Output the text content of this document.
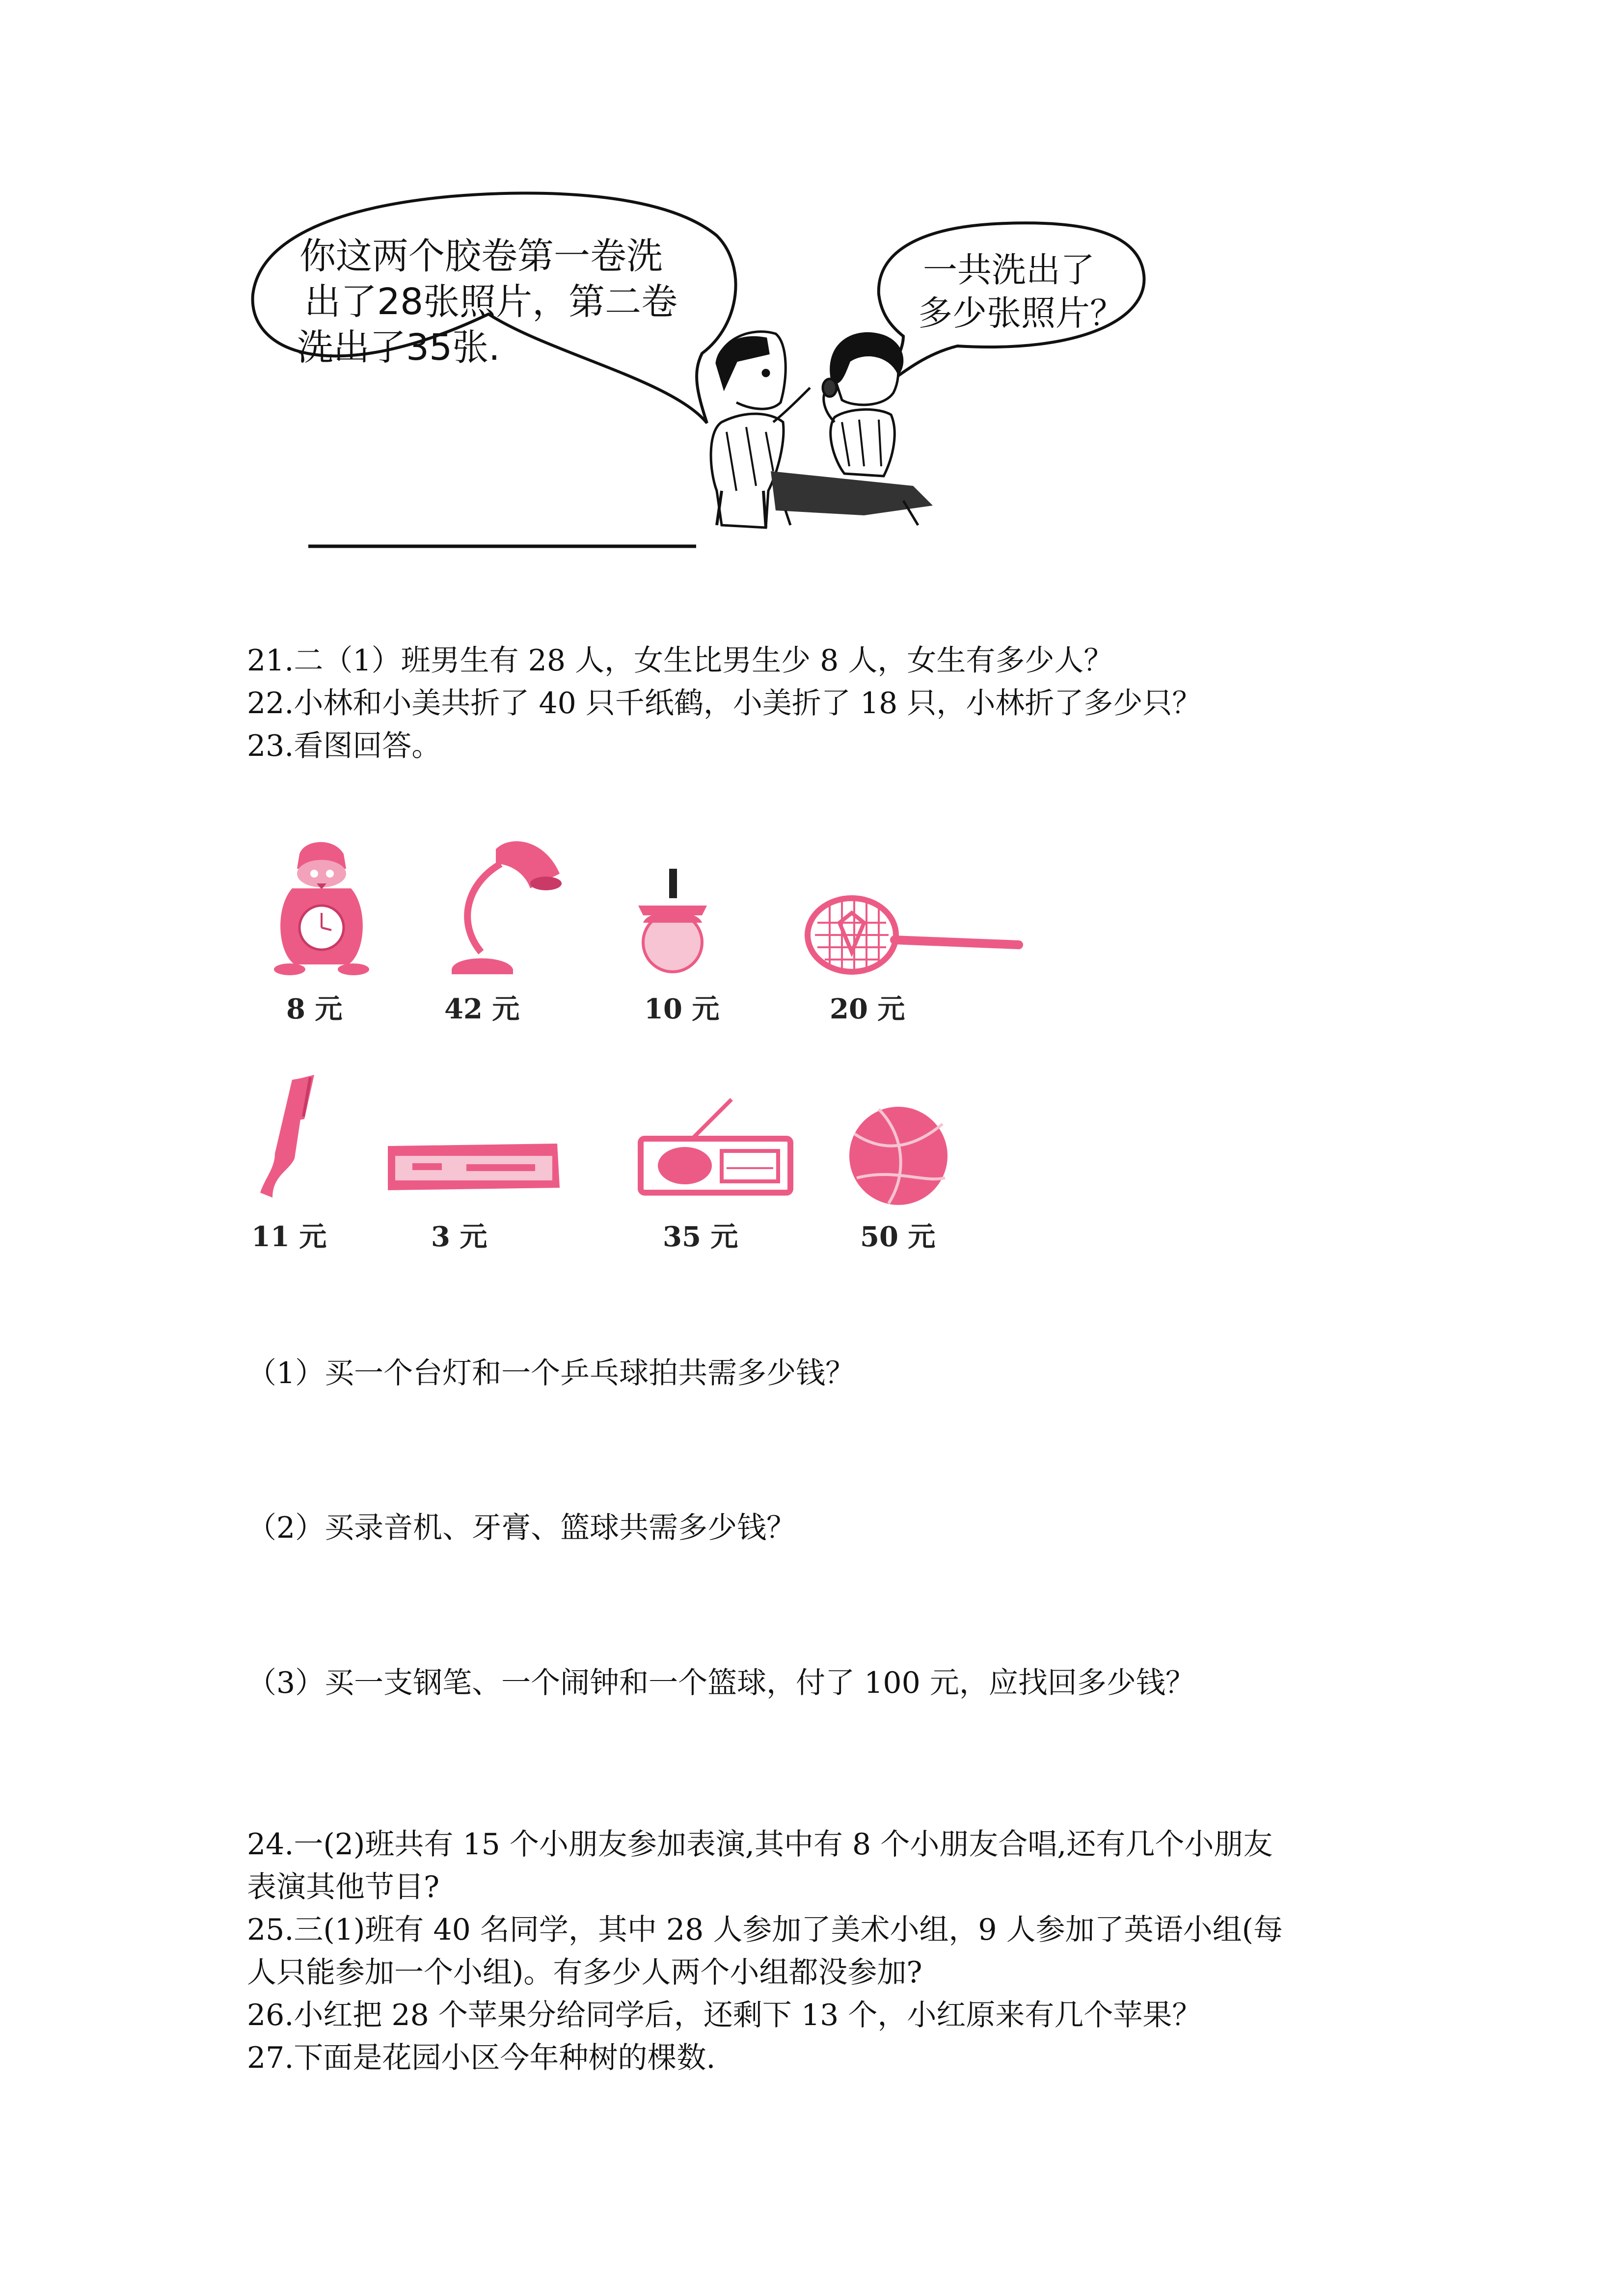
你这两个胶卷第一卷洗
出了28张照片，第二卷
洗出了35张.
一共洗出了
多少张照片？
21.二（1）班男生有 28 人，女生比男生少 8 人，女生有多少人？
22.小林和小美共折了 40 只千纸鹤，小美折了 18 只，小林折了多少只？
23.看图回答。
8 元	42 元	10 元	20 元
11 元	3 元	35 元	50 元
（1）买一个台灯和一个乒乓球拍共需多少钱？
（2）买录音机、牙膏、篮球共需多少钱？
（3）买一支钢笔、一个闹钟和一个篮球，付了 100 元，应找回多少钱？
24.一(2)班共有 15 个小朋友参加表演,其中有 8 个小朋友合唱,还有几个小朋友
表演其他节目?
25.三(1)班有 40 名同学，其中 28 人参加了美术小组，9 人参加了英语小组(每
人只能参加一个小组)。有多少人两个小组都没参加?
26.小红把 28 个苹果分给同学后，还剩下 13 个，小红原来有几个苹果？
27.下面是花园小区今年种树的棵数.
